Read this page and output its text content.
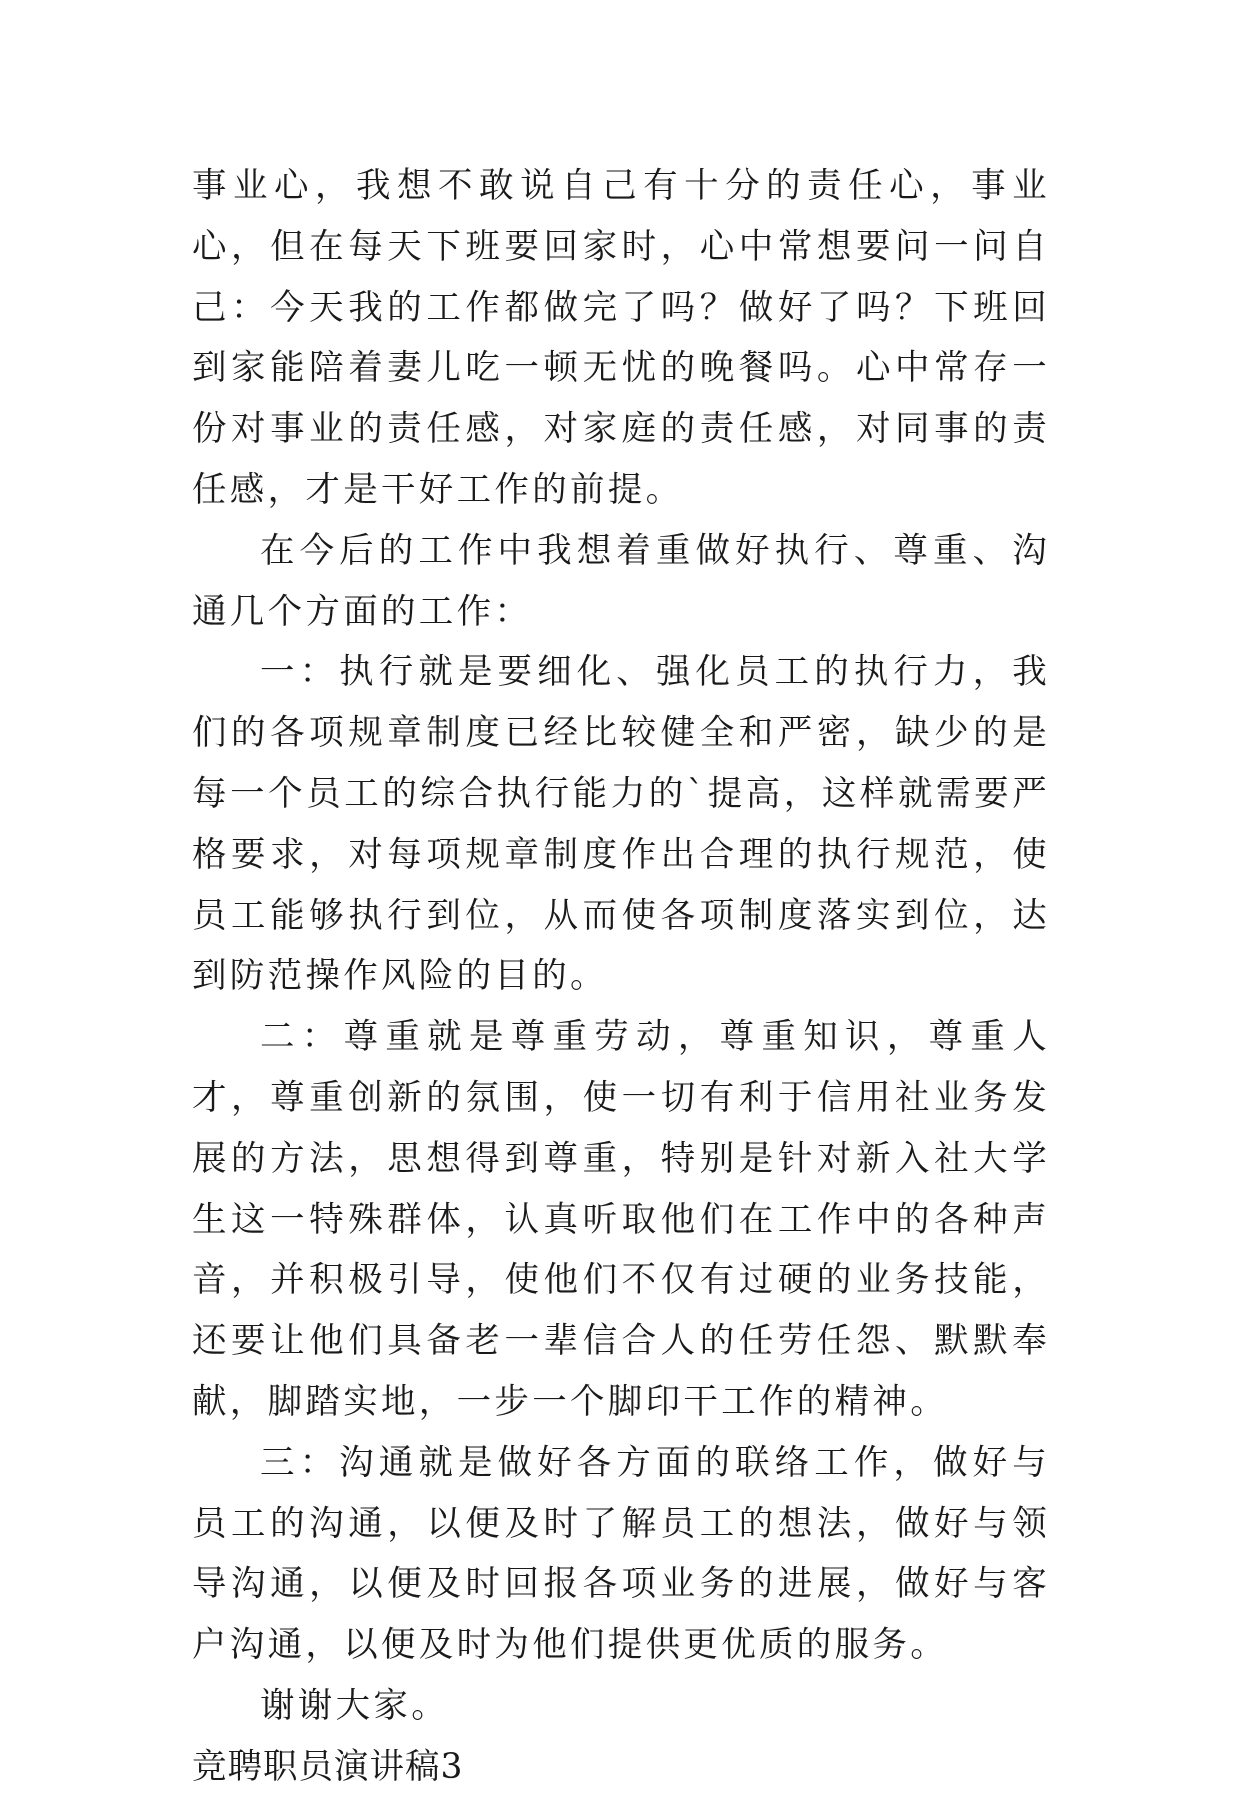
事业心，我想不敢说自己有十分的责任心，事业心，但在每天下班要回家时，心中常想要问一问自己：今天我的工作都做完了吗？做好了吗？下班回到家能陪着妻儿吃一顿无忧的晚餐吗。心中常存一份对事业的责任感，对家庭的责任感，对同事的责任感，才是干好工作的前提。

在今后的工作中我想着重做好执行、尊重、沟通几个方面的工作：

一：执行就是要细化、强化员工的执行力，我们的各项规章制度已经比较健全和严密，缺少的是每一个员工的综合执行能力的`提高，这样就需要严格要求，对每项规章制度作出合理的执行规范，使员工能够执行到位，从而使各项制度落实到位，达到防范操作风险的目的。

二：尊重就是尊重劳动，尊重知识，尊重人才，尊重创新的氛围，使一切有利于信用社业务发展的方法，思想得到尊重，特别是针对新入社大学生这一特殊群体，认真听取他们在工作中的各种声音，并积极引导，使他们不仅有过硬的业务技能，还要让他们具备老一辈信合人的任劳任怨、默默奉献，脚踏实地，一步一个脚印干工作的精神。

三：沟通就是做好各方面的联络工作，做好与员工的沟通，以便及时了解员工的想法，做好与领导沟通，以便及时回报各项业务的进展，做好与客户沟通，以便及时为他们提供更优质的服务。

谢谢大家。

竞聘职员演讲稿3
